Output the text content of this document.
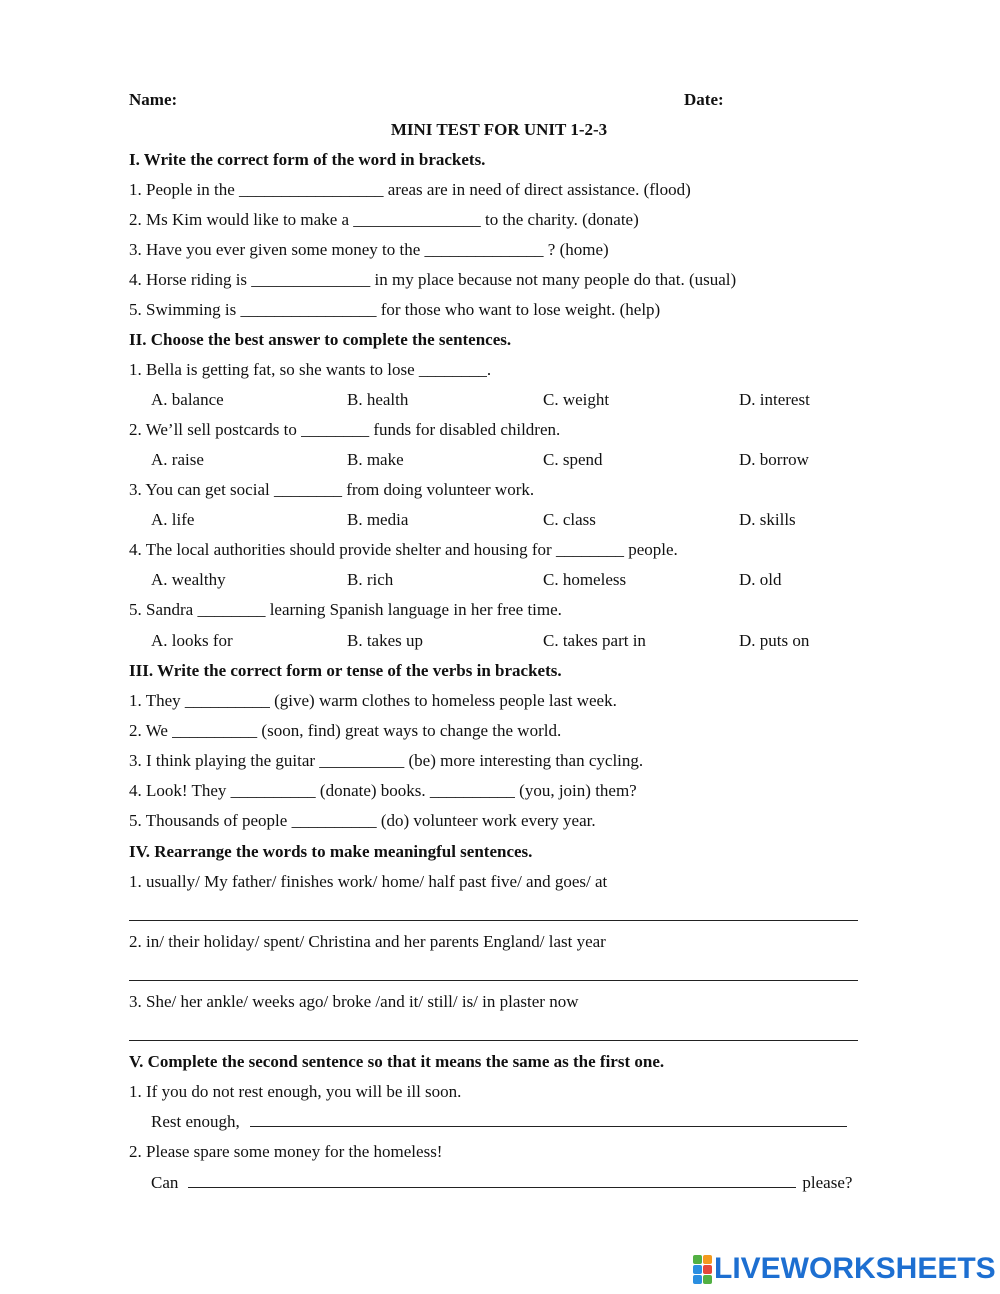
Name:	Date:
MINI TEST FOR UNIT 1-2-3
I. Write the correct form of the word in brackets.
1. People in the _________________ areas are in need of direct assistance. (flood)
2. Ms Kim would like to make a _______________ to the charity. (donate)
3. Have you ever given some money to the ______________ ? (home)
4. Horse riding is ______________ in my place because not many people do that. (usual)
5. Swimming is ________________ for those who want to lose weight. (help)
II. Choose the best answer to complete the sentences.
1. Bella is getting fat, so she wants to lose ________.
A. balance	B. health	C. weight	D. interest
2. We’ll sell postcards to ________ funds for disabled children.
A. raise	B. make	C. spend	D. borrow
3. You can get social ________ from doing volunteer work.
A. life	B. media	C. class	D. skills
4. The local authorities should provide shelter and housing for ________ people.
A. wealthy	B. rich	C. homeless	D. old
5. Sandra ________ learning Spanish language in her free time.
A. looks for	B. takes up	C. takes part in	D. puts on
III. Write the correct form or tense of the verbs in brackets.
1. They __________ (give) warm clothes to homeless people last week.
2. We __________ (soon, find) great ways to change the world.
3. I think playing the guitar __________ (be) more interesting than cycling.
4. Look! They __________ (donate) books. __________ (you, join) them?
5. Thousands of people __________ (do) volunteer work every year.
IV. Rearrange the words to make meaningful sentences.
1. usually/ My father/ finishes work/ home/ half past five/ and goes/ at
2. in/ their holiday/ spent/ Christina and her parents England/ last year
3. She/ her ankle/ weeks ago/ broke /and it/ still/ is/ in plaster now
V. Complete the second sentence so that it means the same as the first one.
1. If you do not rest enough, you will be ill soon.
Rest enough,
2. Please spare some money for the homeless!
Can	please?
LIVEWORKSHEETS
